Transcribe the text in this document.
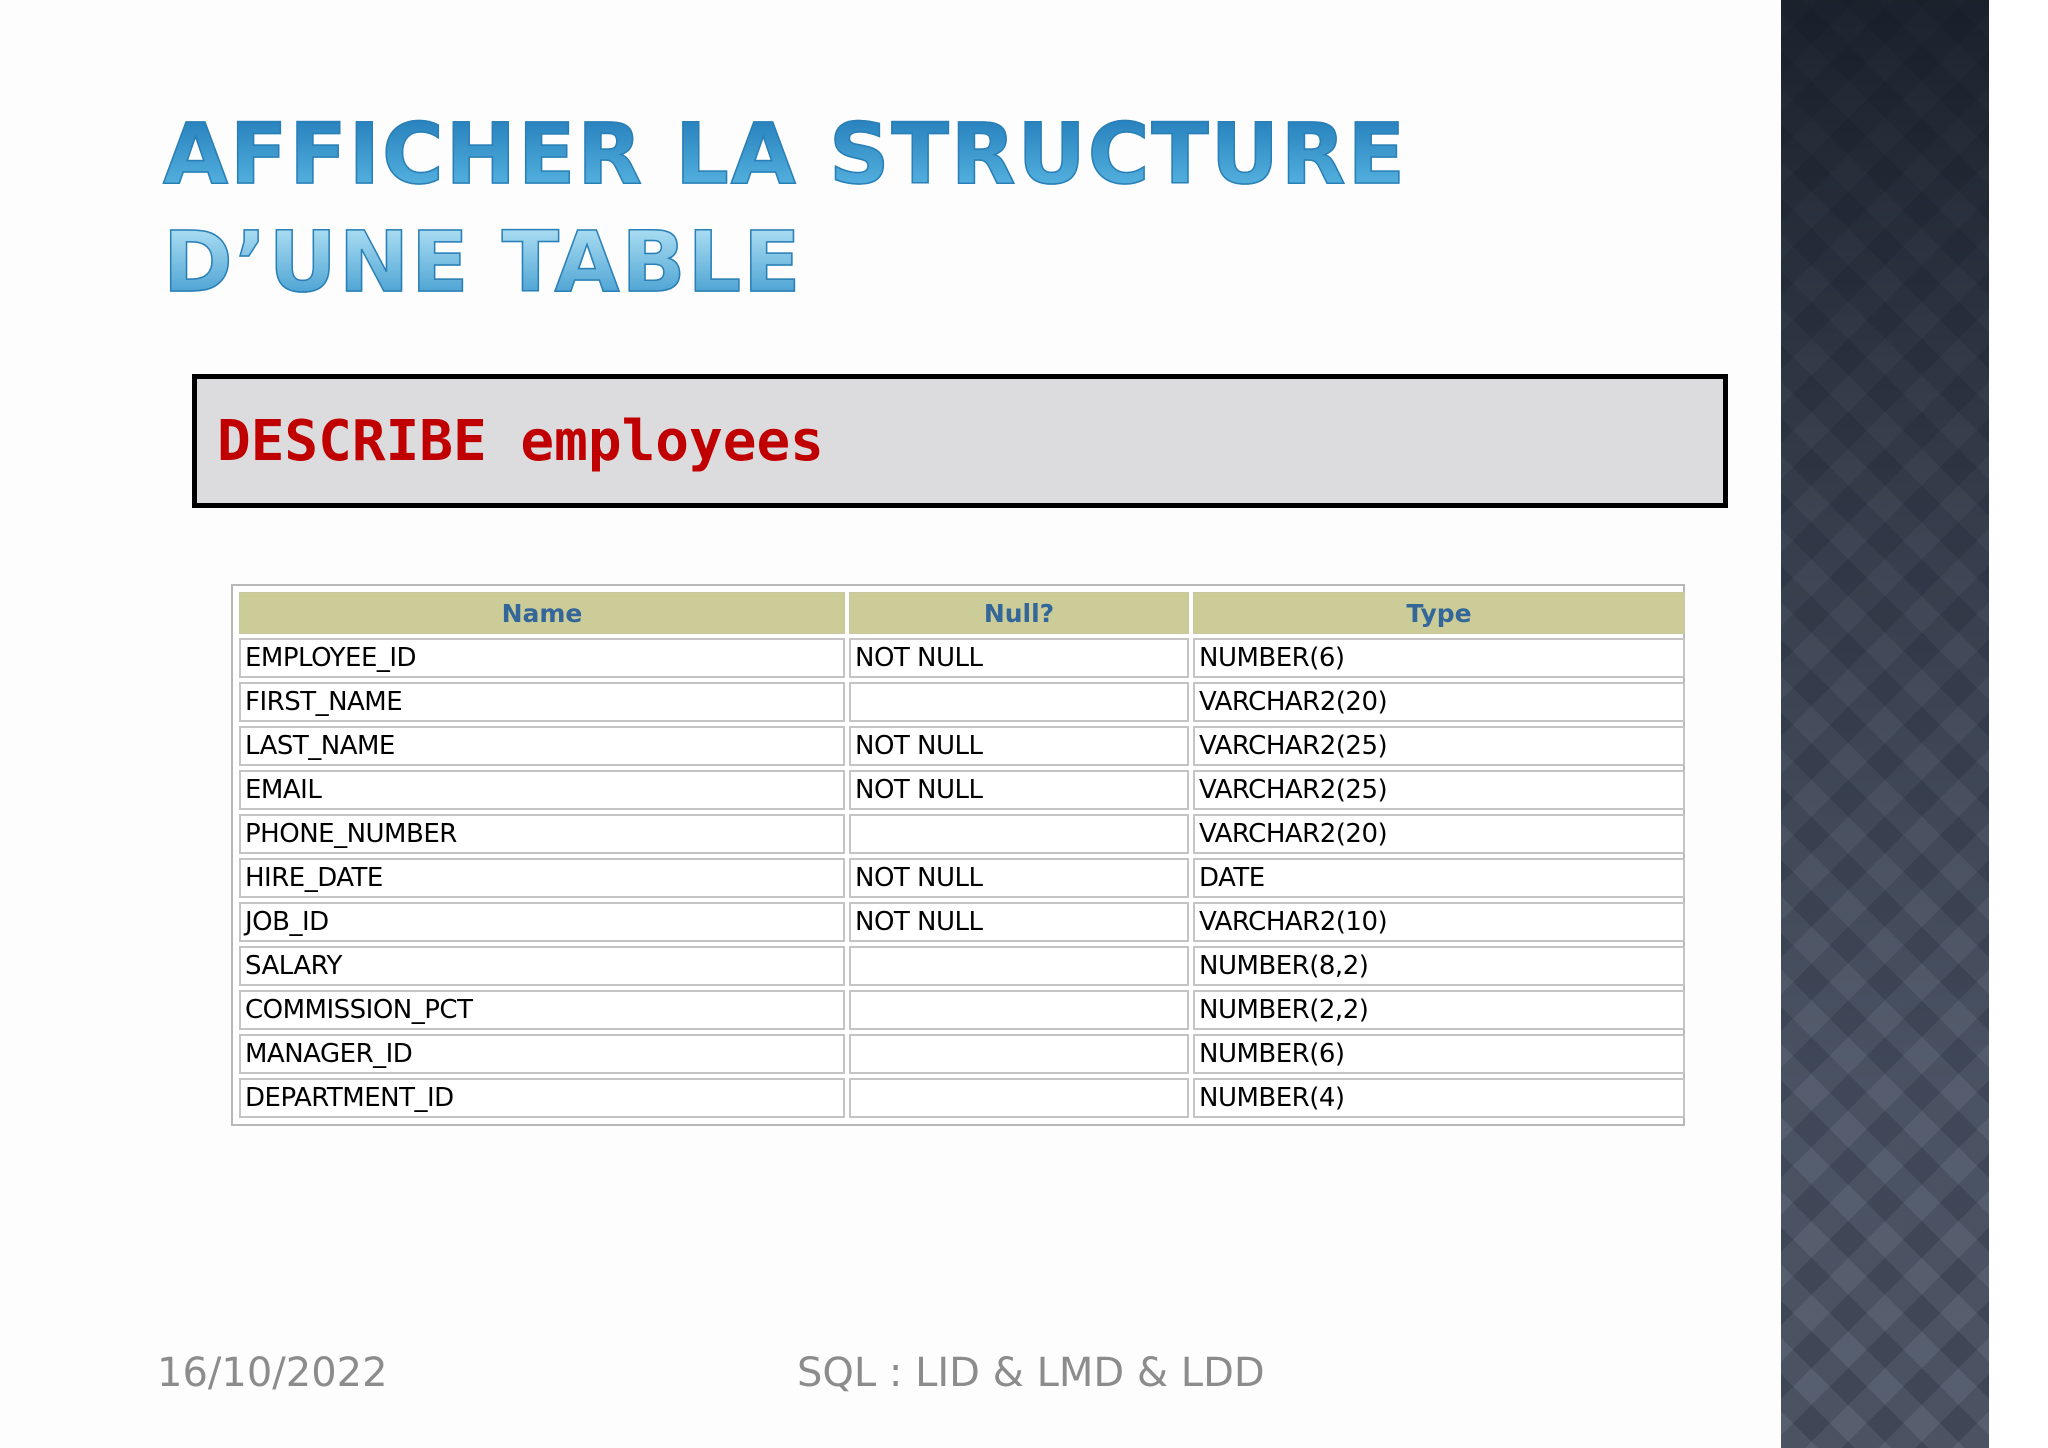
AFFICHER LA STRUCTURE D’UNE TABLE
DESCRIBE employees
Name	Null?	Type
EMPLOYEE_ID	NOT NULL	NUMBER(6)
FIRST_NAME		VARCHAR2(20)
LAST_NAME	NOT NULL	VARCHAR2(25)
EMAIL	NOT NULL	VARCHAR2(25)
PHONE_NUMBER		VARCHAR2(20)
HIRE_DATE	NOT NULL	DATE
JOB_ID	NOT NULL	VARCHAR2(10)
SALARY		NUMBER(8,2)
COMMISSION_PCT		NUMBER(2,2)
MANAGER_ID		NUMBER(6)
DEPARTMENT_ID		NUMBER(4)
16/10/2022	SQL : LID & LMD & LDD
